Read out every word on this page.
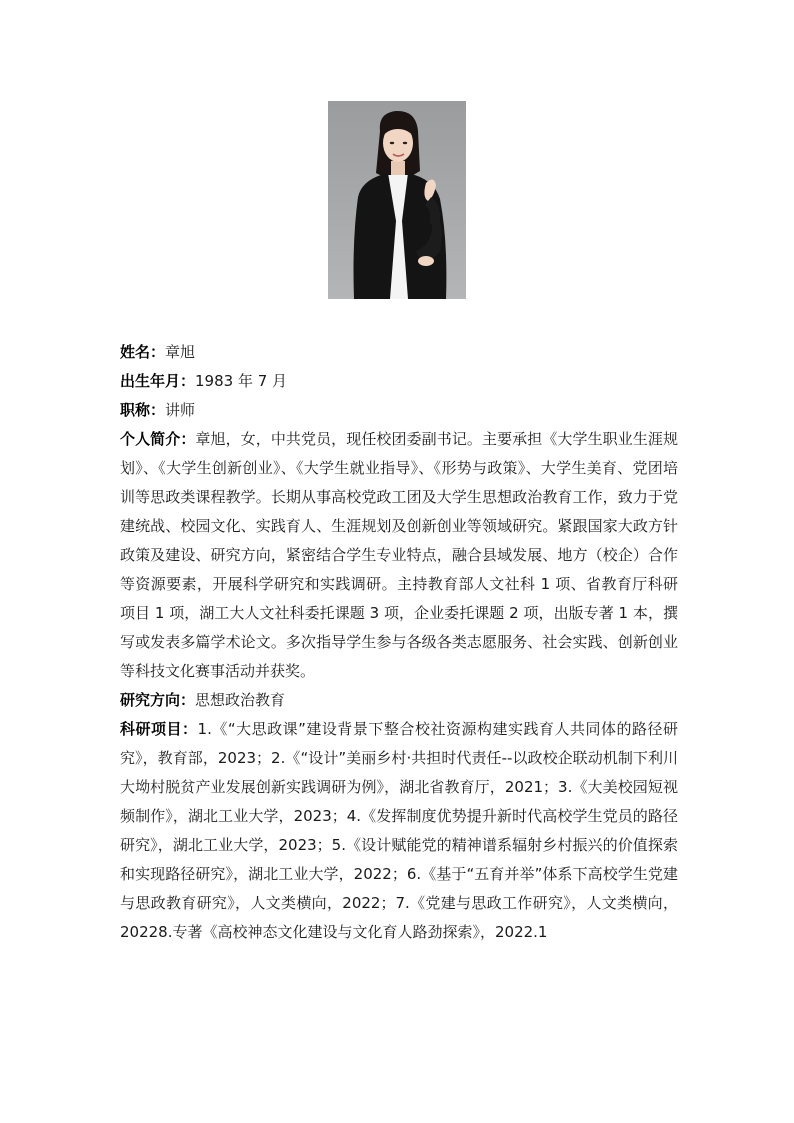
姓名：章旭

出生年月：1983 年 7 月

职称：讲师

个人简介：章旭，女，中共党员，现任校团委副书记。主要承担《大学生职业生涯规划》、《大学生创新创业》、《大学生就业指导》、《形势与政策》、大学生美育、党团培训等思政类课程教学。长期从事高校党政工团及大学生思想政治教育工作，致力于党建统战、校园文化、实践育人、生涯规划及创新创业等领域研究。紧跟国家大政方针政策及建设、研究方向，紧密结合学生专业特点，融合县域发展、地方（校企）合作等资源要素，开展科学研究和实践调研。主持教育部人文社科 1 项、省教育厅科研项目 1 项，湖工大人文社科委托课题 3 项，企业委托课题 2 项，出版专著 1 本，撰写或发表多篇学术论文。多次指导学生参与各级各类志愿服务、社会实践、创新创业等科技文化赛事活动并获奖。

研究方向：思想政治教育

科研项目：1.《“大思政课”建设背景下整合校社资源构建实践育人共同体的路径研究》，教育部，2023；2.《“设计”美丽乡村·共担时代责任--以政校企联动机制下利川大坳村脱贫产业发展创新实践调研为例》，湖北省教育厅，2021；3.《大美校园短视频制作》，湖北工业大学，2023；4.《发挥制度优势提升新时代高校学生党员的路径研究》，湖北工业大学，2023；5.《设计赋能党的精神谱系辐射乡村振兴的价值探索和实现路径研究》，湖北工业大学，2022；6.《基于“五育并举”体系下高校学生党建与思政教育研究》，人文类横向，2022；7.《党建与思政工作研究》，人文类横向，20228.专著《高校神态文化建设与文化育人路劲探索》，2022.1
